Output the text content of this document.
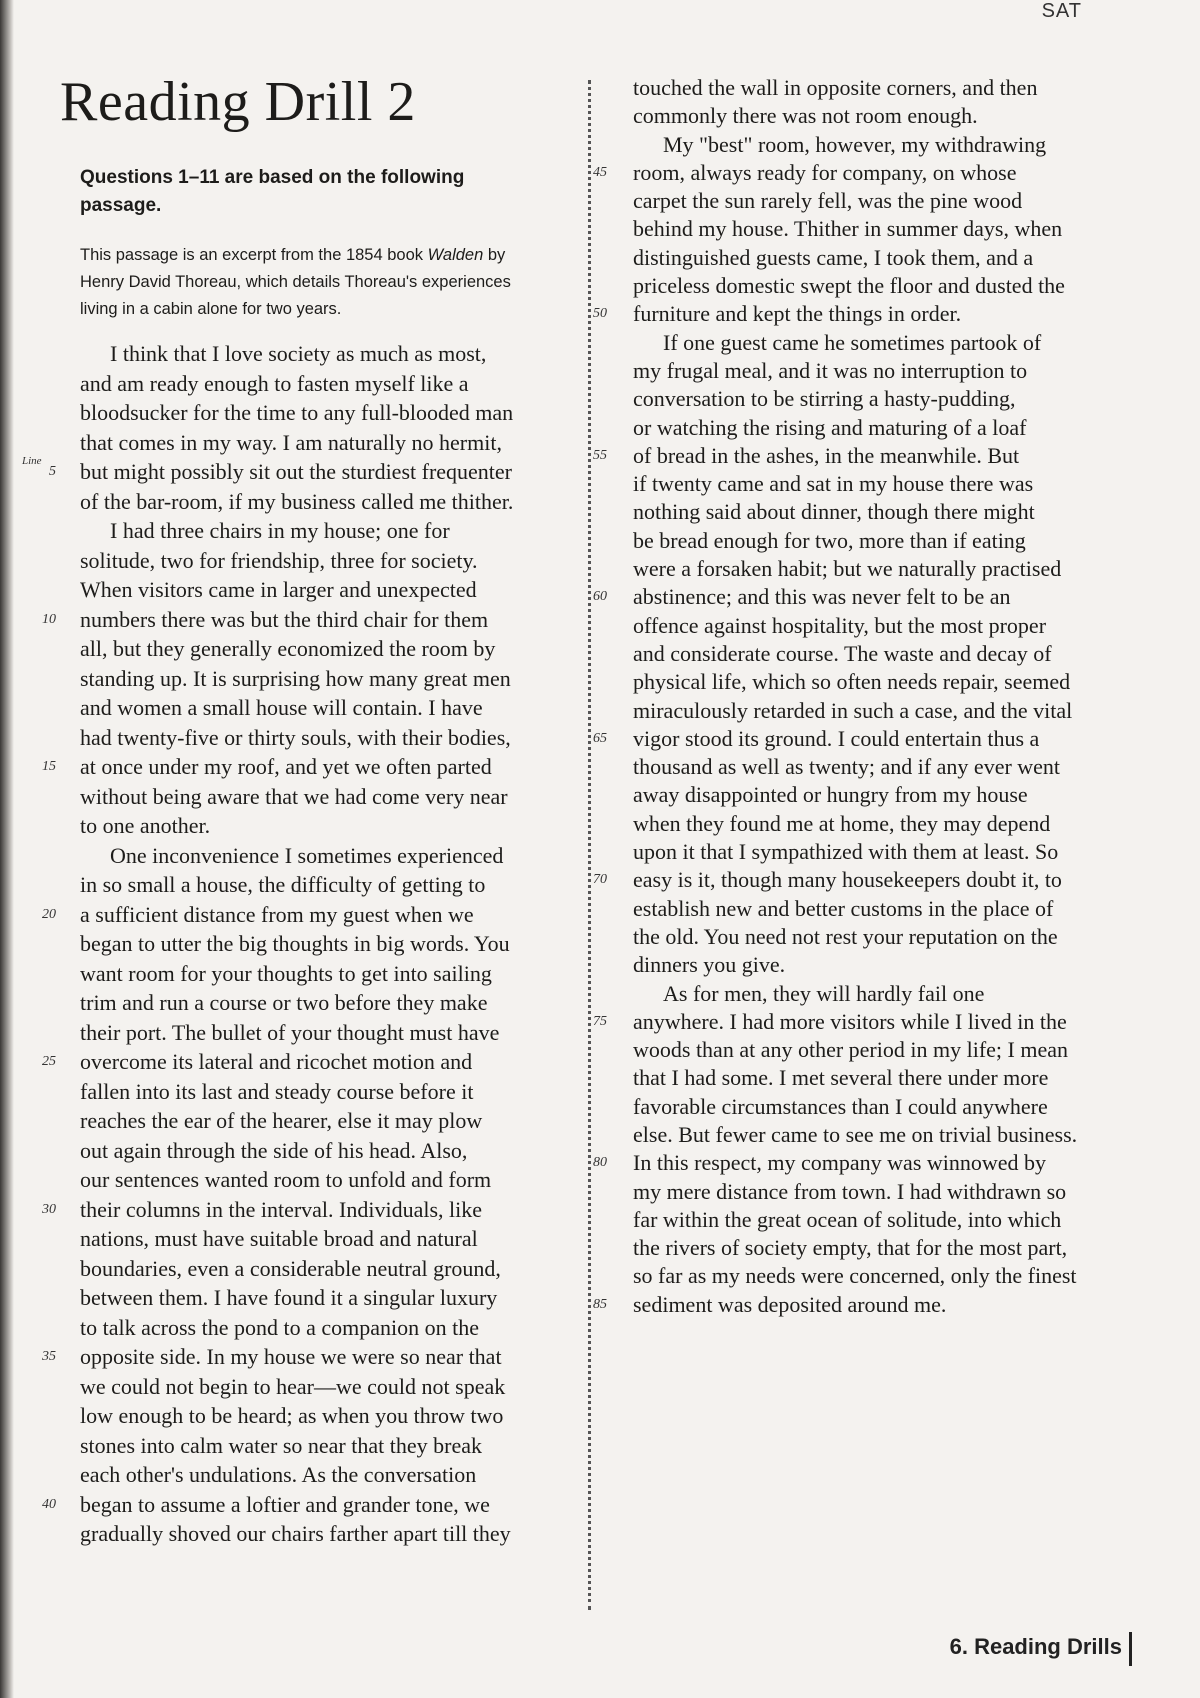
SAT
Reading Drill 2
Questions 1–11 are based on the following passage.
This passage is an excerpt from the 1854 book Walden by Henry David Thoreau, which details Thoreau's experiences living in a cabin alone for two years.
I think that I love society as much as most,
and am ready enough to fasten myself like a
bloodsucker for the time to any full-blooded man
that comes in my way. I am naturally no hermit,
5
Line but might possibly sit out the sturdiest frequenter
of the bar-room, if my business called me thither.
I had three chairs in my house; one for
solitude, two for friendship, three for society.
When visitors came in larger and unexpected
10 numbers there was but the third chair for them
all, but they generally economized the room by
standing up. It is surprising how many great men
and women a small house will contain. I have
had twenty-five or thirty souls, with their bodies,
15 at once under my roof, and yet we often parted
without being aware that we had come very near
to one another.
One inconvenience I sometimes experienced
in so small a house, the difficulty of getting to
20 a sufficient distance from my guest when we
began to utter the big thoughts in big words. You
want room for your thoughts to get into sailing
trim and run a course or two before they make
their port. The bullet of your thought must have
25 overcome its lateral and ricochet motion and
fallen into its last and steady course before it
reaches the ear of the hearer, else it may plow
out again through the side of his head. Also,
our sentences wanted room to unfold and form
30 their columns in the interval. Individuals, like
nations, must have suitable broad and natural
boundaries, even a considerable neutral ground,
between them. I have found it a singular luxury
to talk across the pond to a companion on the
35 opposite side. In my house we were so near that
we could not begin to hear—we could not speak
low enough to be heard; as when you throw two
stones into calm water so near that they break
each other's undulations. As the conversation
40 began to assume a loftier and grander tone, we
gradually shoved our chairs farther apart till they
touched the wall in opposite corners, and then
commonly there was not room enough.
My "best" room, however, my withdrawing
45 room, always ready for company, on whose
carpet the sun rarely fell, was the pine wood
behind my house. Thither in summer days, when
distinguished guests came, I took them, and a
priceless domestic swept the floor and dusted the
50 furniture and kept the things in order.
If one guest came he sometimes partook of
my frugal meal, and it was no interruption to
conversation to be stirring a hasty-pudding,
or watching the rising and maturing of a loaf
55 of bread in the ashes, in the meanwhile. But
if twenty came and sat in my house there was
nothing said about dinner, though there might
be bread enough for two, more than if eating
were a forsaken habit; but we naturally practised
60 abstinence; and this was never felt to be an
offence against hospitality, but the most proper
and considerate course. The waste and decay of
physical life, which so often needs repair, seemed
miraculously retarded in such a case, and the vital
65 vigor stood its ground. I could entertain thus a
thousand as well as twenty; and if any ever went
away disappointed or hungry from my house
when they found me at home, they may depend
upon it that I sympathized with them at least. So
70 easy is it, though many housekeepers doubt it, to
establish new and better customs in the place of
the old. You need not rest your reputation on the
dinners you give.
As for men, they will hardly fail one
75 anywhere. I had more visitors while I lived in the
woods than at any other period in my life; I mean
that I had some. I met several there under more
favorable circumstances than I could anywhere
else. But fewer came to see me on trivial business.
80 In this respect, my company was winnowed by
my mere distance from town. I had withdrawn so
far within the great ocean of solitude, into which
the rivers of society empty, that for the most part,
so far as my needs were concerned, only the finest
85 sediment was deposited around me.
6. Reading Drills
